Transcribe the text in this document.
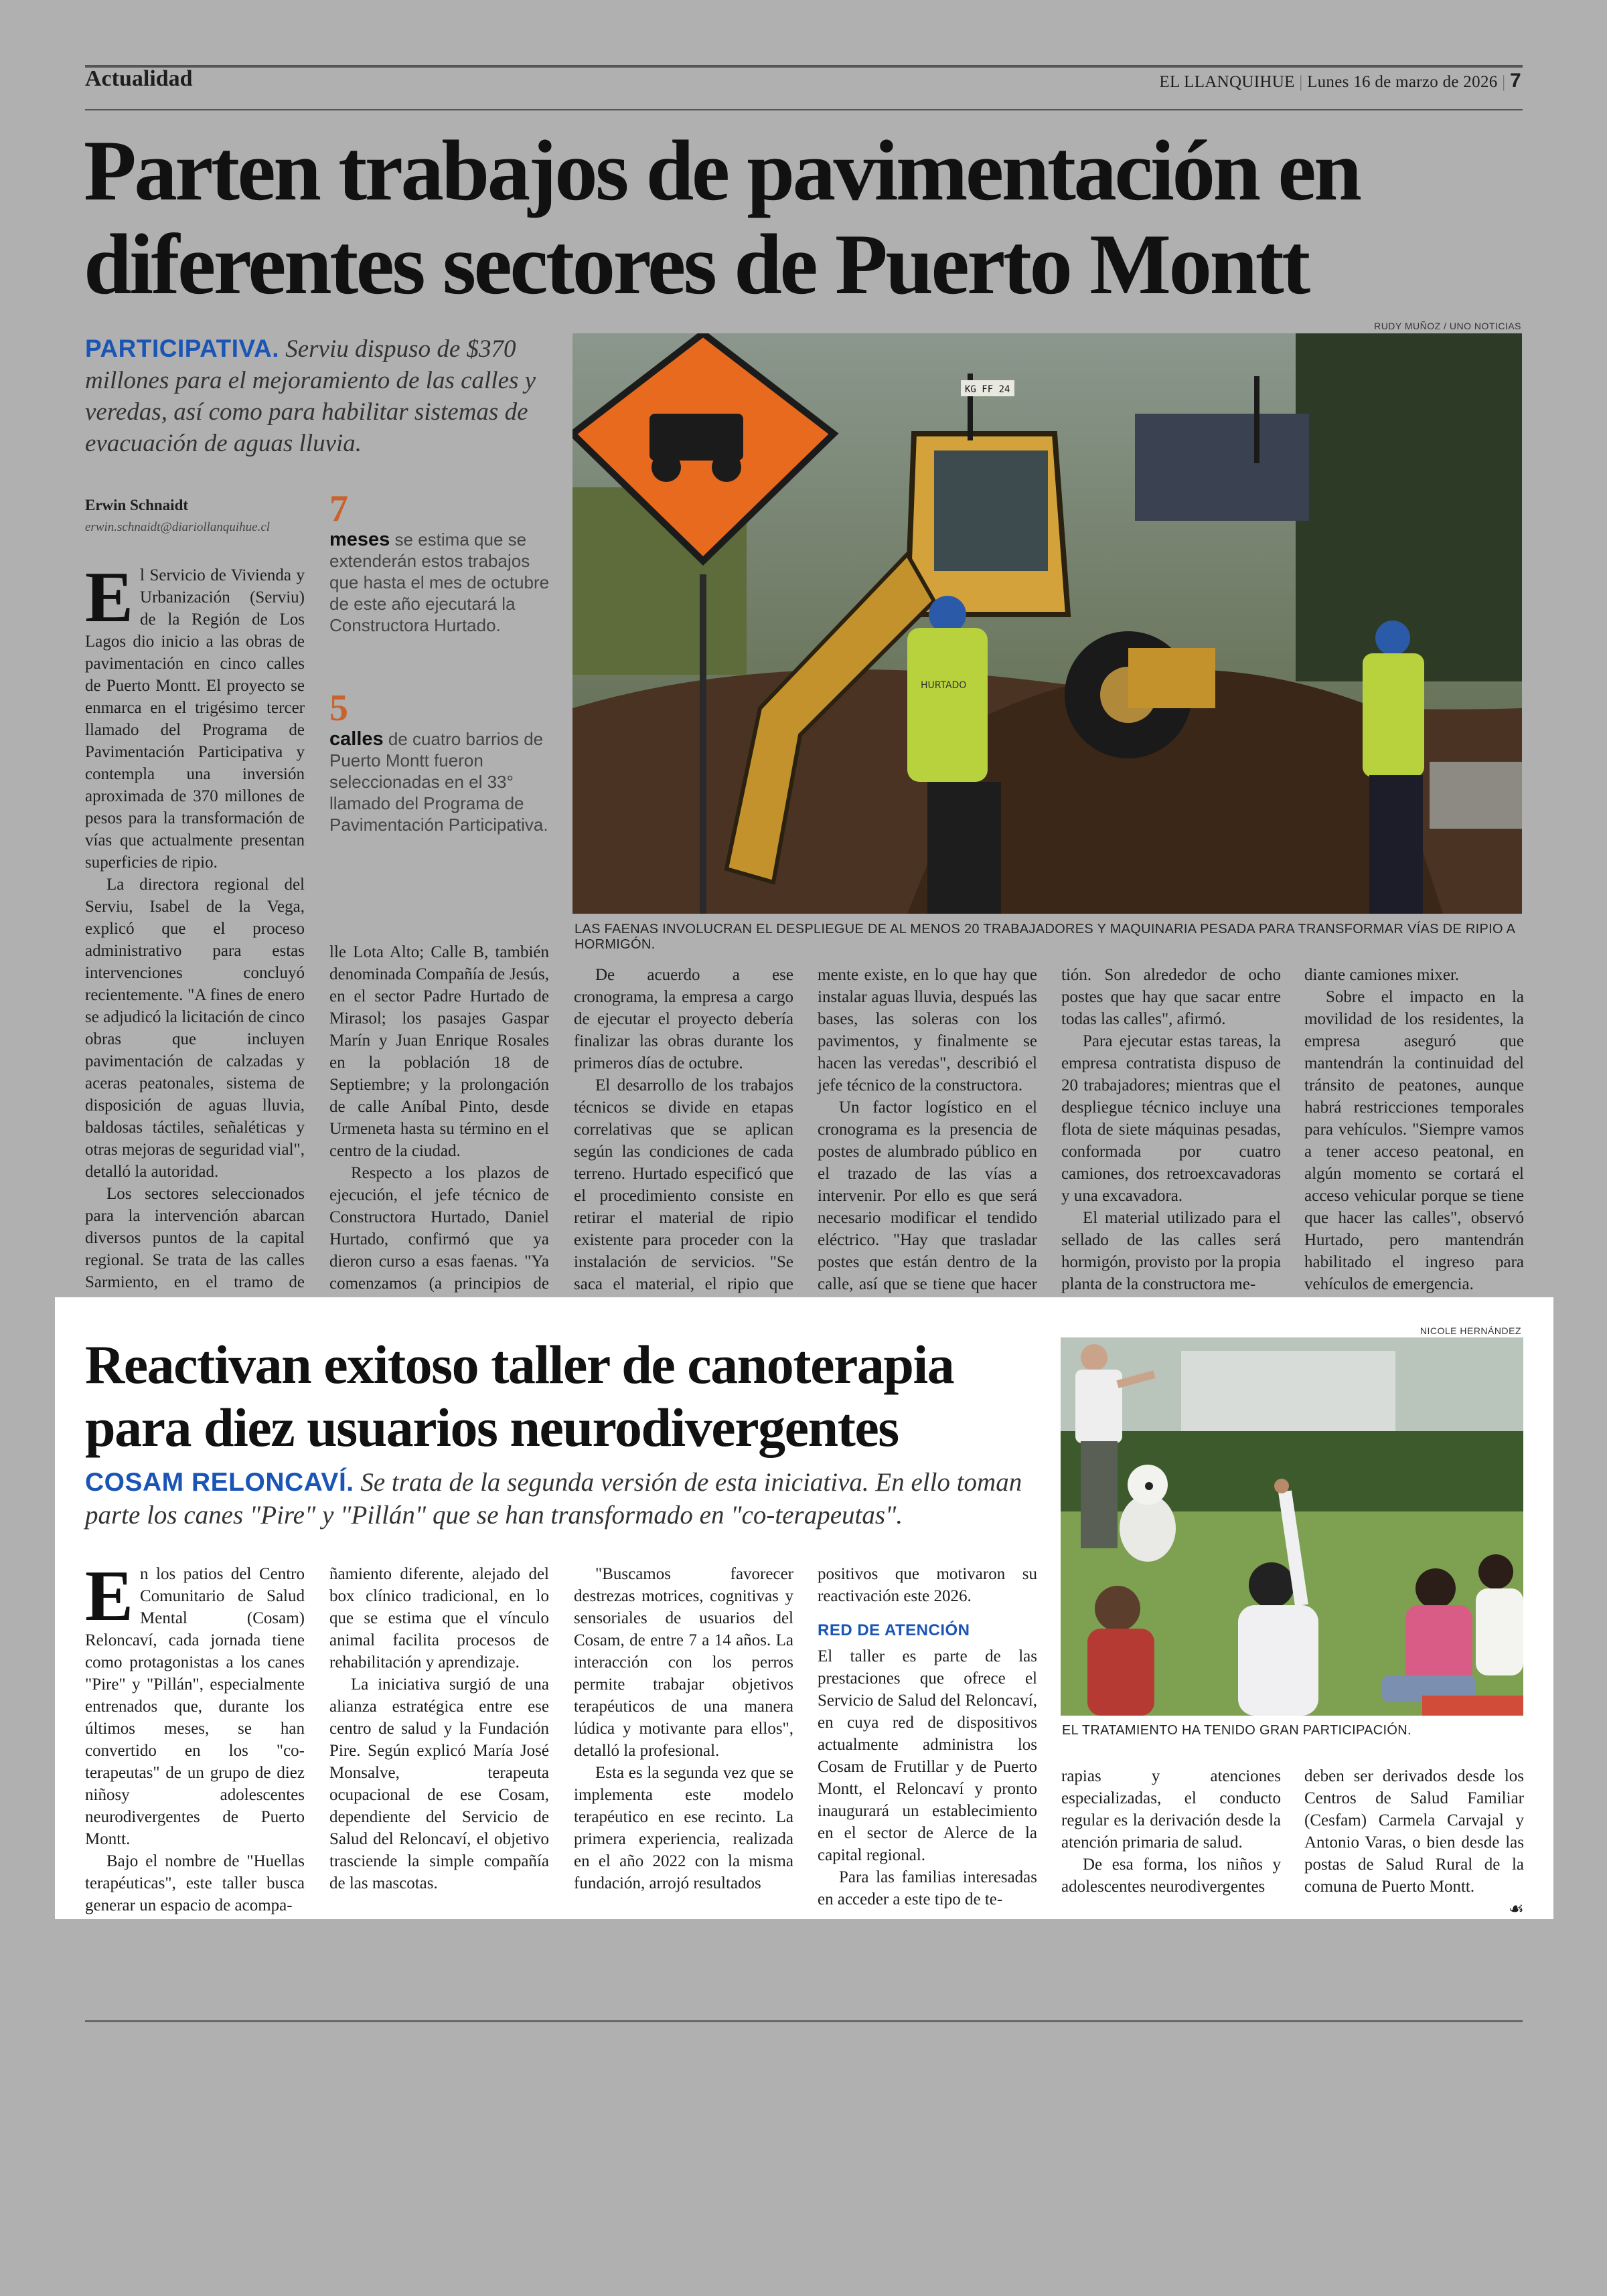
Actualidad	EL LLANQUIHUE | Lunes 16 de marzo de 2026 | 7
Parten trabajos de pavimentación en
diferentes sectores de Puerto Montt
RUDY MUÑOZ / UNO NOTICIAS
PARTICIPATIVA. Serviu dispuso de $370 millones para el mejoramiento de las calles y veredas, así como para habilitar sistemas de evacuación de aguas lluvia.
Erwin Schnaidt
erwin.schnaidt@diariollanquihue.cl 7
meses se estima que se extenderán estos trabajos que hasta el mes de octubre de este año ejecutará la Constructora Hurtado.
5
calles de cuatro barrios de Puerto Montt fueron seleccionadas en el 33° llamado del Programa de Pavimentación Participativa.

El Servicio de Vivienda y Urbanización (Serviu) de la Región de Los Lagos dio inicio a las obras de pavimentación en cinco calles de Puerto Montt. El proyecto se enmarca en el trigésimo tercer llamado del Programa de Pavimentación Participativa y contempla una inversión aproximada de 370 millones de pesos para la transformación de vías que actualmente presentan superficies de ripio.

La directora regional del Serviu, Isabel de la Vega, explicó que el proceso administrativo para estas intervenciones concluyó recientemente. "A fines de enero se adjudicó la licitación de cinco obras que incluyen pavimentación de calzadas y aceras peatonales, sistema de disposición de aguas lluvia, baldosas táctiles, señaléticas y otras mejoras de seguridad vial", detalló la autoridad.

Los sectores seleccionados para la intervención abarcan diversos puntos de la capital regional. Se trata de las calles Sarmiento, en el tramo de

KG FF 24
HURTADO
LAS FAENAS INVOLUCRAN EL DESPLIEGUE DE AL MENOS 20 TRABAJADORES Y MAQUINARIA PESADA PARA TRANSFORMAR VÍAS DE RIPIO A HORMIGÓN.

lle Lota Alto; Calle B, también denominada Compañía de Jesús, en el sector Padre Hurtado de Mirasol; los pasajes Gaspar Marín y Juan Enrique Rosales en la población 18 de Septiembre; y la prolongación de calle Aníbal Pinto, desde Urmeneta hasta su término en el centro de la ciudad.

Respecto a los plazos de ejecución, el jefe técnico de Constructora Hurtado, Daniel Hurtado, confirmó que ya dieron curso a esas faenas. "Ya comenzamos (a principios de

De acuerdo a ese cronograma, la empresa a cargo de ejecutar el proyecto debería finalizar las obras durante los primeros días de octubre.

El desarrollo de los trabajos técnicos se divide en etapas correlativas que se aplican según las condiciones de cada terreno. Hurtado especificó que el procedimiento consiste en retirar el material de ripio existente para proceder con la instalación de servicios. "Se saca el material, el ripio que

mente existe, en lo que hay que instalar aguas lluvia, después las bases, las soleras con los pavimentos, y finalmente se hacen las veredas", describió el jefe técnico de la constructora.

Un factor logístico en el cronograma es la presencia de postes de alumbrado público en el trazado de las vías a intervenir. Por ello es que será necesario modificar el tendido eléctrico. "Hay que trasladar postes que están dentro de la calle, así que se tiene que hacer

tión. Son alrededor de ocho postes que hay que sacar entre todas las calles", afirmó.

Para ejecutar estas tareas, la empresa contratista dispuso de 20 trabajadores; mientras que el despliegue técnico incluye una flota de siete máquinas pesadas, conformada por cuatro camiones, dos retroexcavadoras y una excavadora.

El material utilizado para el sellado de las calles será hormigón, provisto por la propia planta de la constructora me-

diante camiones mixer.

Sobre el impacto en la movilidad de los residentes, la empresa aseguró que mantendrán la continuidad del tránsito de peatones, aunque habrá restricciones temporales para vehículos. "Siempre vamos a tener acceso peatonal, en algún momento se cortará el acceso vehicular porque se tiene que hacer las calles", observó Hurtado, pero mantendrán habilitado el ingreso para vehículos de emergencia.

Reactivan exitoso taller de canoterapia
para diez usuarios neurodivergentes
COSAM RELONCAVÍ. Se trata de la segunda versión de esta iniciativa. En ello toman parte los canes "Pire" y "Pillán" que se han transformado en "co-terapeutas".
NICOLE HERNÁNDEZ
EL TRATAMIENTO HA TENIDO GRAN PARTICIPACIÓN.

En los patios del Centro Comunitario de Salud Mental (Cosam) Reloncaví, cada jornada tiene como protagonistas a los canes "Pire" y "Pillán", especialmente entrenados que, durante los últimos meses, se han convertido en los "co-terapeutas" de un grupo de diez niñosy adolescentes neurodivergentes de Puerto Montt.

Bajo el nombre de "Huellas terapéuticas", este taller busca generar un espacio de acompa-

ñamiento diferente, alejado del box clínico tradicional, en lo que se estima que el vínculo animal facilita procesos de rehabilitación y aprendizaje.

La iniciativa surgió de una alianza estratégica entre ese centro de salud y la Fundación Pire. Según explicó María José Monsalve, terapeuta ocupacional de ese Cosam, dependiente del Servicio de Salud del Reloncaví, el objetivo trasciende la simple compañía de las mascotas.

"Buscamos favorecer destrezas motrices, cognitivas y sensoriales de usuarios del Cosam, de entre 7 a 14 años. La interacción con los perros permite trabajar objetivos terapéuticos de una manera lúdica y motivante para ellos", detalló la profesional.

Esta es la segunda vez que se implementa este modelo terapéutico en ese recinto. La primera experiencia, realizada en el año 2022 con la misma fundación, arrojó resultados

positivos que motivaron su reactivación este 2026.

RED DE ATENCIÓN

El taller es parte de las prestaciones que ofrece el Servicio de Salud del Reloncaví, en cuya red de dispositivos actualmente administra los Cosam de Frutillar y de Puerto Montt, el Reloncaví y pronto inaugurará un establecimiento en el sector de Alerce de la capital regional.

Para las familias interesadas en acceder a este tipo de te-

rapias y atenciones especializadas, el conducto regular es la derivación desde la atención primaria de salud.

De esa forma, los niños y adolescentes neurodivergentes

deben ser derivados desde los Centros de Salud Familiar (Cesfam) Carmela Carvajal y Antonio Varas, o bien desde las postas de Salud Rural de la comuna de Puerto Montt.

☙
